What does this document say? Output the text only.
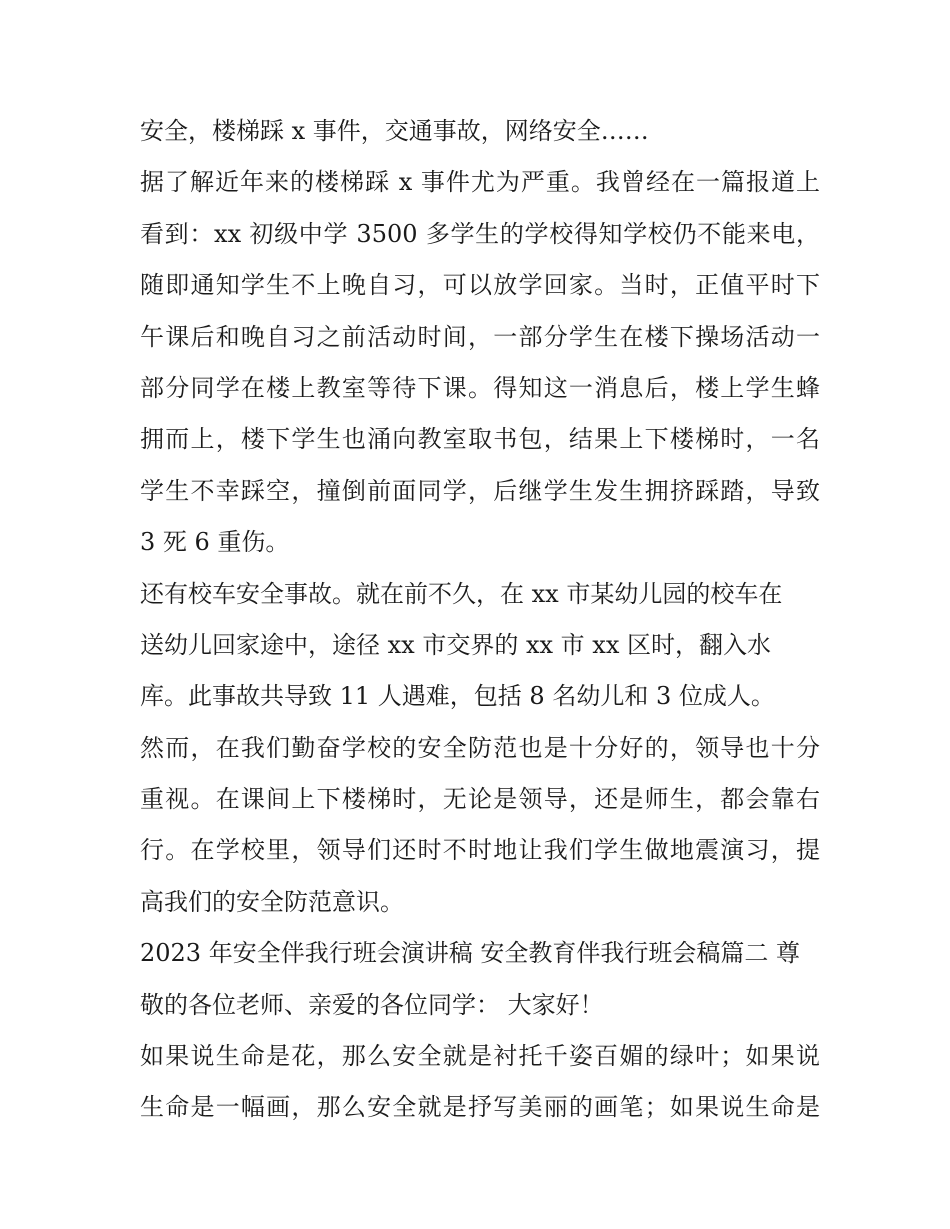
安全，楼梯踩 x 事件，交通事故，网络安全……
据了解近年来的楼梯踩 x 事件尤为严重。我曾经在一篇报道上
看到：xx 初级中学 3500 多学生的学校得知学校仍不能来电，
随即通知学生不上晚自习，可以放学回家。当时，正值平时下
午课后和晚自习之前活动时间，一部分学生在楼下操场活动一
部分同学在楼上教室等待下课。得知这一消息后，楼上学生蜂
拥而上，楼下学生也涌向教室取书包，结果上下楼梯时，一名
学生不幸踩空，撞倒前面同学，后继学生发生拥挤踩踏，导致
3 死 6 重伤。
还有校车安全事故。就在前不久，在 xx 市某幼儿园的校车在
送幼儿回家途中，途径 xx 市交界的 xx 市 xx 区时，翻入水
库。此事故共导致 11 人遇难，包括 8 名幼儿和 3 位成人。
然而，在我们勤奋学校的安全防范也是十分好的，领导也十分
重视。在课间上下楼梯时，无论是领导，还是师生，都会靠右
行。在学校里，领导们还时不时地让我们学生做地震演习，提
高我们的安全防范意识。
2023 年安全伴我行班会演讲稿 安全教育伴我行班会稿篇二 尊
敬的各位老师、亲爱的各位同学： 大家好！
如果说生命是花，那么安全就是衬托千姿百媚的绿叶；如果说
生命是一幅画，那么安全就是抒写美丽的画笔；如果说生命是
